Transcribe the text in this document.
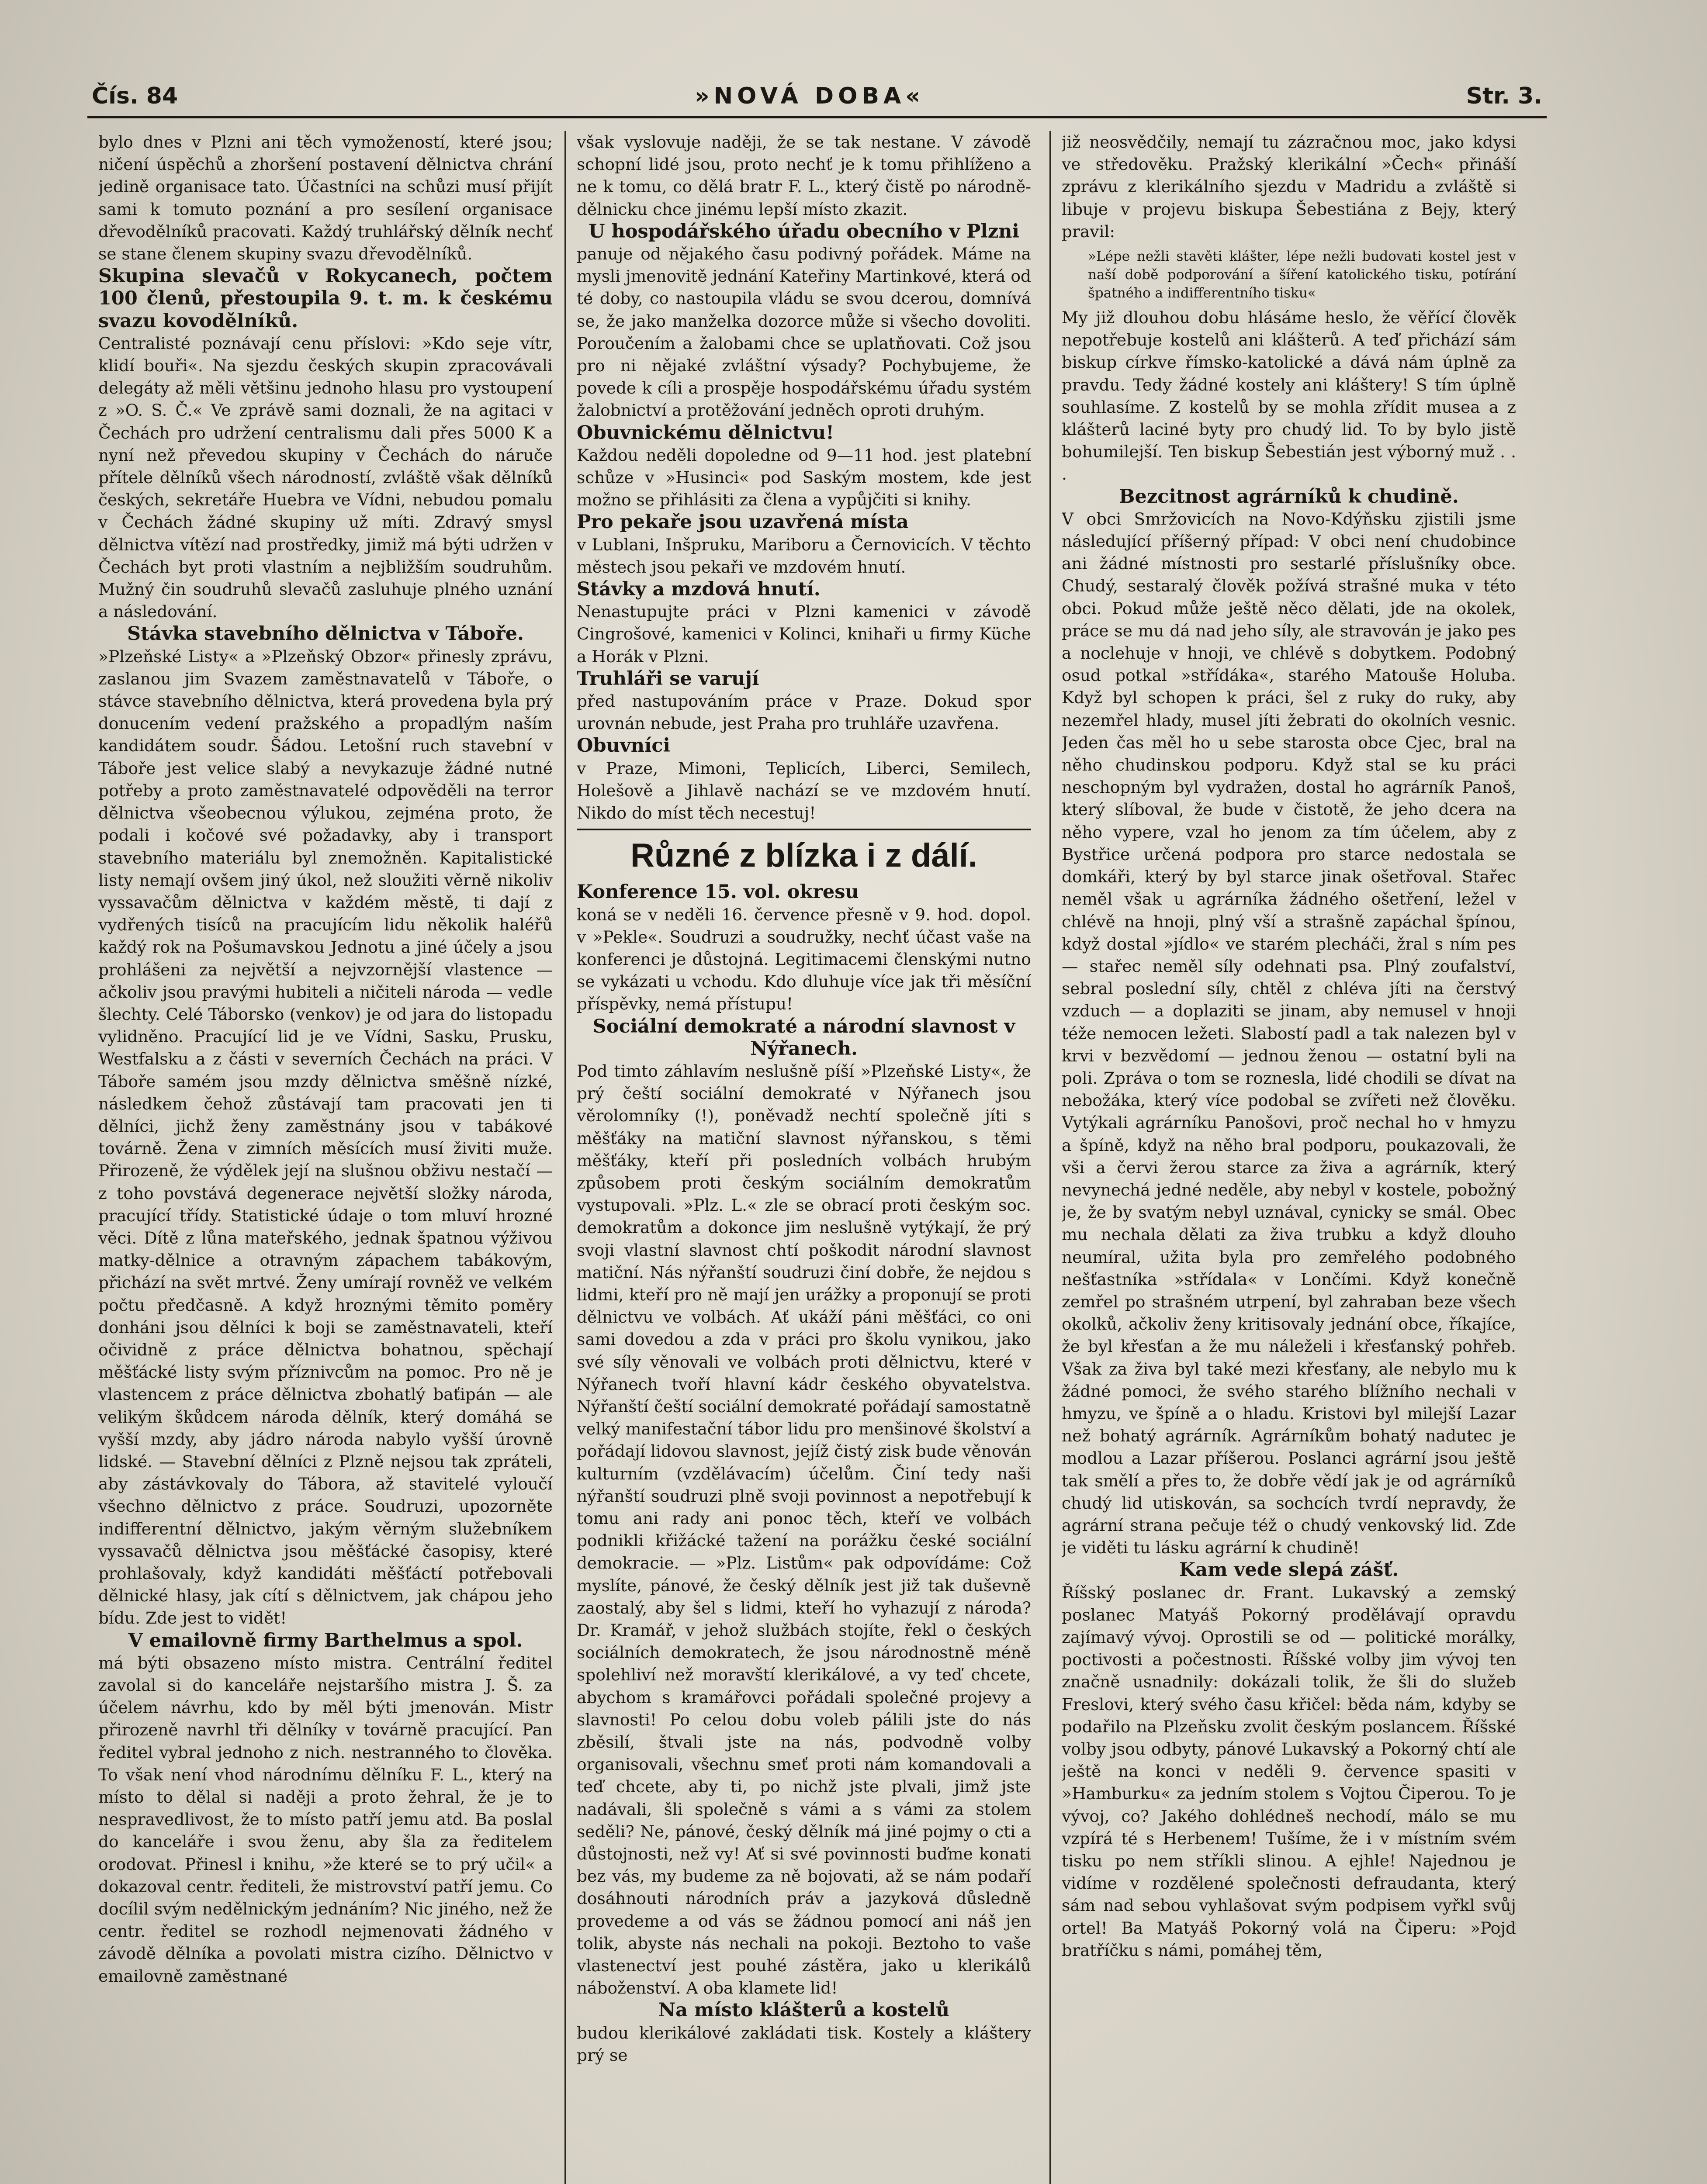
Čís. 84	»NOVÁ DOBA«	Str. 3.

bylo dnes v Plzni ani těch vymožeností, které jsou; ničení úspěchů a zhoršení postavení dělnictva chrání jedině organisace tato. Účastníci na schůzi musí přijít sami k tomuto poznání a pro sesílení organisace dřevodělníků pracovati. Každý truhlářský dělník nechť se stane členem skupiny svazu dřevodělníků.

Skupina slevačů v Rokycanech, počtem 100 členů, přestoupila 9. t. m. k českému svazu kovodělníků.

Centralisté poznávají cenu příslovi: »Kdo seje vítr, klidí bouři«. Na sjezdu českých skupin zpracovávali delegáty až měli většinu jednoho hlasu pro vystoupení z »O. S. Č.« Ve zprávě sami doznali, že na agitaci v Čechách pro udržení centralismu dali přes 5000 K a nyní než převedou skupiny v Čechách do náruče přítele dělníků všech národností, zvláště však dělníků českých, sekretáře Huebra ve Vídni, nebudou pomalu v Čechách žádné skupiny už míti. Zdravý smysl dělnictva vítězí nad prostředky, jimiž má býti udržen v Čechách byt proti vlastním a nejbližším soudruhům. Mužný čin soudruhů slevačů zasluhuje plného uznání a následování.

Stávka stavebního dělnictva v Táboře.

»Plzeňské Listy« a »Plzeňský Obzor« přinesly zprávu, zaslanou jim Svazem zaměstnavatelů v Táboře, o stávce stavebního dělnictva, která provedena byla prý donucením vedení pražského a propadlým naším kandidátem soudr. Šádou. Letošní ruch stavební v Táboře jest velice slabý a nevykazuje žádné nutné potřeby a proto zaměstnavatelé odpověděli na terror dělnictva všeobecnou výlukou, zejména proto, že podali i kočové své požadavky, aby i transport stavebního materiálu byl znemožněn. Kapitalistické listy nemají ovšem jiný úkol, než sloužiti věrně nikoliv vyssavačům dělnictva v každém městě, ti dají z vydřených tisíců na pracujícím lidu několik haléřů každý rok na Pošumavskou Jednotu a jiné účely a jsou prohlášeni za největší a nejvzornější vlastence — ačkoliv jsou pravými hubiteli a ničiteli národa — vedle šlechty. Celé Táborsko (venkov) je od jara do listopadu vylidněno. Pracující lid je ve Vídni, Sasku, Prusku, Westfalsku a z části v severních Čechách na práci. V Táboře samém jsou mzdy dělnictva směšně nízké, následkem čehož zůstávají tam pracovati jen ti dělníci, jichž ženy zaměstnány jsou v tabákové továrně. Žena v zimních měsících musí živiti muže. Přirozeně, že výdělek její na slušnou obživu nestačí — z toho povstává degenerace největší složky národa, pracující třídy. Statistické údaje o tom mluví hrozné věci. Dítě z lůna mateřského, jednak špatnou výživou matky-dělnice a otravným zápachem tabákovým, přichází na svět mrtvé. Ženy umírají rovněž ve velkém počtu předčasně. A když hroznými těmito poměry donháni jsou dělníci k boji se zaměstnavateli, kteří očividně z práce dělnictva bohatnou, spěchají měšťácké listy svým příznivcům na pomoc. Pro ně je vlastencem z práce dělnictva zbohatlý baťipán — ale velikým škůdcem národa dělník, který domáhá se vyšší mzdy, aby jádro národa nabylo vyšší úrovně lidské. — Stavební dělníci z Plzně nejsou tak zpráteli, aby zástávkovaly do Tábora, až stavitelé vyloučí všechno dělnictvo z práce. Soudruzi, upozorněte indifferentní dělnictvo, jakým věrným služebníkem vyssavačů dělnictva jsou měšťácké časopisy, které prohlašovaly, když kandidáti měšťáctí potřebovali dělnické hlasy, jak cítí s dělnictvem, jak chápou jeho bídu. Zde jest to vidět!

V emailovně firmy Barthelmus a spol.

má býti obsazeno místo mistra. Centrální ředitel zavolal si do kanceláře nejstaršího mistra J. Š. za účelem návrhu, kdo by měl býti jmenován. Mistr přirozeně navrhl tři dělníky v továrně pracující. Pan ředitel vybral jednoho z nich. nestranného to člověka. To však není vhod národnímu dělníku F. L., který na místo to dělal si naději a proto žehral, že je to nespravedlivost, že to místo patří jemu atd. Ba poslal do kanceláře i svou ženu, aby šla za ředitelem orodovat. Přinesl i knihu, »že které se to prý učil« a dokazoval centr. řediteli, že mistrovství patří jemu. Co docílil svým nedělnickým jednáním? Nic jiného, než že centr. ředitel se rozhodl nejmenovati žádného v závodě dělníka a povolati mistra cizího. Dělnictvo v emailovně zaměstnané

však vyslovuje naději, že se tak nestane. V závodě schopní lidé jsou, proto nechť je k tomu přihlíženo a ne k tomu, co dělá bratr F. L., který čistě po národně-dělnicku chce jinému lepší místo zkazit.

U hospodářského úřadu obecního v Plzni

panuje od nějakého času podivný pořádek. Máme na mysli jmenovitě jednání Kateřiny Martinkové, která od té doby, co nastoupila vládu se svou dcerou, domnívá se, že jako manželka dozorce může si všecho dovoliti. Poroučením a žalobami chce se uplatňovati. Což jsou pro ni nějaké zvláštní výsady? Pochybujeme, že povede k cíli a prospěje hospodářskému úřadu systém žalobnictví a protěžování jedněch oproti druhým.

Obuvnickému dělnictvu!

Každou neděli dopoledne od 9—11 hod. jest platební schůze v »Husinci« pod Saským mostem, kde jest možno se přihlásiti za člena a vypůjčiti si knihy.

Pro pekaře jsou uzavřená místa

v Lublani, Inšpruku, Mariboru a Černovicích. V těchto městech jsou pekaři ve mzdovém hnutí.

Stávky a mzdová hnutí.

Nenastupujte práci v Plzni kamenici v závodě Cingrošové, kamenici v Kolinci, knihaři u firmy Küche a Horák v Plzni.

Truhláři se varují

před nastupováním práce v Praze. Dokud spor urovnán nebude, jest Praha pro truhláře uzavřena.

Obuvníci

v Praze, Mimoni, Teplicích, Liberci, Semilech, Holešově a Jihlavě nachází se ve mzdovém hnutí. Nikdo do míst těch necestuj!

Různé z blízka i z dálí.

Konference 15. vol. okresu

koná se v neděli 16. července přesně v 9. hod. dopol. v »Pekle«. Soudruzi a soudružky, nechť účast vaše na konferenci je důstojná. Legitimacemi členskými nutno se vykázati u vchodu. Kdo dluhuje více jak tři měsíční příspěvky, nemá přístupu!

Sociální demokraté a národní slavnost v Nýřanech.

Pod timto záhlavím neslušně píší »Plzeňské Listy«, že prý čeští sociální demokraté v Nýřanech jsou věrolomníky (!), poněvadž nechtí společně jíti s měšťáky na matiční slavnost nýřanskou, s těmi měšťáky, kteří při posledních volbách hrubým způsobem proti českým sociálním demokratům vystupovali. »Plz. L.« zle se obrací proti českým soc. demokratům a dokonce jim neslušně vytýkají, že prý svoji vlastní slavnost chtí poškodit národní slavnost matiční. Nás nýřanští soudruzi činí dobře, že nejdou s lidmi, kteří pro ně mají jen urážky a proponují se proti dělnictvu ve volbách. Ať ukáží páni měšťáci, co oni sami dovedou a zda v práci pro školu vynikou, jako své síly věnovali ve volbách proti dělnictvu, které v Nýřanech tvoří hlavní kádr českého obyvatelstva. Nýřanští čeští sociální demokraté pořádají samostatně velký manifestační tábor lidu pro menšinové školství a pořádají lidovou slavnost, jejíž čistý zisk bude věnován kulturním (vzdělávacím) účelům. Činí tedy naši nýřanští soudruzi plně svoji povinnost a nepotřebují k tomu ani rady ani ponoc těch, kteří ve volbách podnikli křižácké tažení na porážku české sociální demokracie. — »Plz. Listům« pak odpovídáme: Což myslíte, pánové, že český dělník jest již tak duševně zaostalý, aby šel s lidmi, kteří ho vyhazují z národa? Dr. Kramář, v jehož službách stojíte, řekl o českých sociálních demokratech, že jsou národnostně méně spolehliví než moravští klerikálové, a vy teď chcete, abychom s kramářovci pořádali společné projevy a slavnosti! Po celou dobu voleb pálili jste do nás zběsilí, štvali jste na nás, podvodně volby organisovali, všechnu smeť proti nám komandovali a teď chcete, aby ti, po nichž jste plvali, jimž jste nadávali, šli společně s vámi a s vámi za stolem seděli? Ne, pánové, český dělník má jiné pojmy o cti a důstojnosti, než vy! Ať si své povinnosti buďme konati bez vás, my budeme za ně bojovati, až se nám podaří dosáhnouti národních práv a jazyková důsledně provedeme a od vás se žádnou pomocí ani náš jen tolik, abyste nás nechali na pokoji. Beztoho to vaše vlastenectví jest pouhé zástěra, jako u klerikálů náboženství. A oba klamete lid!

Na místo klášterů a kostelů

budou klerikálové zakládati tisk. Kostely a kláštery prý se

již neosvědčily, nemají tu zázračnou moc, jako kdysi ve středověku. Pražský klerikální »Čech« přináší zprávu z klerikálního sjezdu v Madridu a zvláště si libuje v projevu biskupa Šebestiána z Bejy, který pravil:

»Lépe nežli stavěti klášter, lépe nežli budovati kostel jest v naší době podporování a šíření katolického tisku, potírání špatného a indifferentního tisku«

My již dlouhou dobu hlásáme heslo, že věřící člověk nepotřebuje kostelů ani klášterů. A teď přichází sám biskup církve římsko-katolické a dává nám úplně za pravdu. Tedy žádné kostely ani kláštery! S tím úplně souhlasíme. Z kostelů by se mohla zřídit musea a z klášterů laciné byty pro chudý lid. To by bylo jistě bohumilejší. Ten biskup Šebestián jest výborný muž . . .

Bezcitnost agrárníků k chudině.

V obci Smržovicích na Novo-Kdýňsku zjistili jsme následující příšerný případ: V obci není chudobince ani žádné místnosti pro sestarlé příslušníky obce. Chudý, sestaralý člověk požívá strašné muka v této obci. Pokud může ještě něco dělati, jde na okolek, práce se mu dá nad jeho síly, ale stravován je jako pes a noclehuje v hnoji, ve chlévě s dobytkem. Podobný osud potkal »střídáka«, starého Matouše Holuba. Když byl schopen k práci, šel z ruky do ruky, aby nezemřel hlady, musel jíti žebrati do okolních vesnic. Jeden čas měl ho u sebe starosta obce Cjec, bral na něho chudinskou podporu. Když stal se ku práci neschopným byl vydražen, dostal ho agrárník Panoš, který slíboval, že bude v čistotě, že jeho dcera na něho vypere, vzal ho jenom za tím účelem, aby z Bystřice určená podpora pro starce nedostala se domkáři, který by byl starce jinak ošetřoval. Stařec neměl však u agrárníka žádného ošetření, ležel v chlévě na hnoji, plný vší a strašně zapáchal špínou, když dostal »jídlo« ve starém plecháči, žral s ním pes — stařec neměl síly odehnati psa. Plný zoufalství, sebral poslední síly, chtěl z chléva jíti na čerstvý vzduch — a doplaziti se jinam, aby nemusel v hnoji téže nemocen ležeti. Slabostí padl a tak nalezen byl v krvi v bezvědomí — jednou ženou — ostatní byli na poli. Zpráva o tom se roznesla, lidé chodili se dívat na nebožáka, který více podobal se zvířeti než člověku. Vytýkali agrárníku Panošovi, proč nechal ho v hmyzu a špíně, když na něho bral podporu, poukazovali, že vši a červi žerou starce za živa a agrárník, který nevynechá jedné neděle, aby nebyl v kostele, pobožný je, že by svatým nebyl uznával, cynicky se smál. Obec mu nechala dělati za živa trubku a když dlouho neumíral, užita byla pro zemřelého podobného nešťastníka »střídala« v Lončími. Když konečně zemřel po strašném utrpení, byl zahraban beze všech okolků, ačkoliv ženy kritisovaly jednání obce, říkajíce, že byl křesťan a že mu náleželi i křesťanský pohřeb. Však za živa byl také mezi křesťany, ale nebylo mu k žádné pomoci, že svého starého blížního nechali v hmyzu, ve špíně a o hladu. Kristovi byl milejší Lazar než bohatý agrárník. Agrárníkům bohatý nadutec je modlou a Lazar příšerou. Poslanci agrární jsou ještě tak smělí a přes to, že dobře vědí jak je od agrárníků chudý lid utiskován, sa sochcích tvrdí nepravdy, že agrární strana pečuje též o chudý venkovský lid. Zde je viděti tu lásku agrární k chudině!

Kam vede slepá zášť.

Říšský poslanec dr. Frant. Lukavský a zemský poslanec Matyáš Pokorný prodělávají opravdu zajímavý vývoj. Oprostili se od — politické morálky, poctivosti a počestnosti. Říšské volby jim vývoj ten značně usnadnily: dokázali tolik, že šli do služeb Freslovi, který svého času křičel: běda nám, kdyby se podařilo na Plzeňsku zvolit českým poslancem. Říšské volby jsou odbyty, pánové Lukavský a Pokorný chtí ale ještě na konci v neděli 9. července spasiti v »Hamburku« za jedním stolem s Vojtou Čiperou. To je vývoj, co? Jakého dohlédneš nechodí, málo se mu vzpírá té s Herbenem! Tušíme, že i v místním svém tisku po nem stříkli slinou. A ejhle! Najednou je vidíme v rozdělené společnosti defraudanta, který sám nad sebou vyhlašovat svým podpisem vyřkl svůj ortel! Ba Matyáš Pokorný volá na Čiperu: »Pojď bratříčku s námi, pomáhej těm,
